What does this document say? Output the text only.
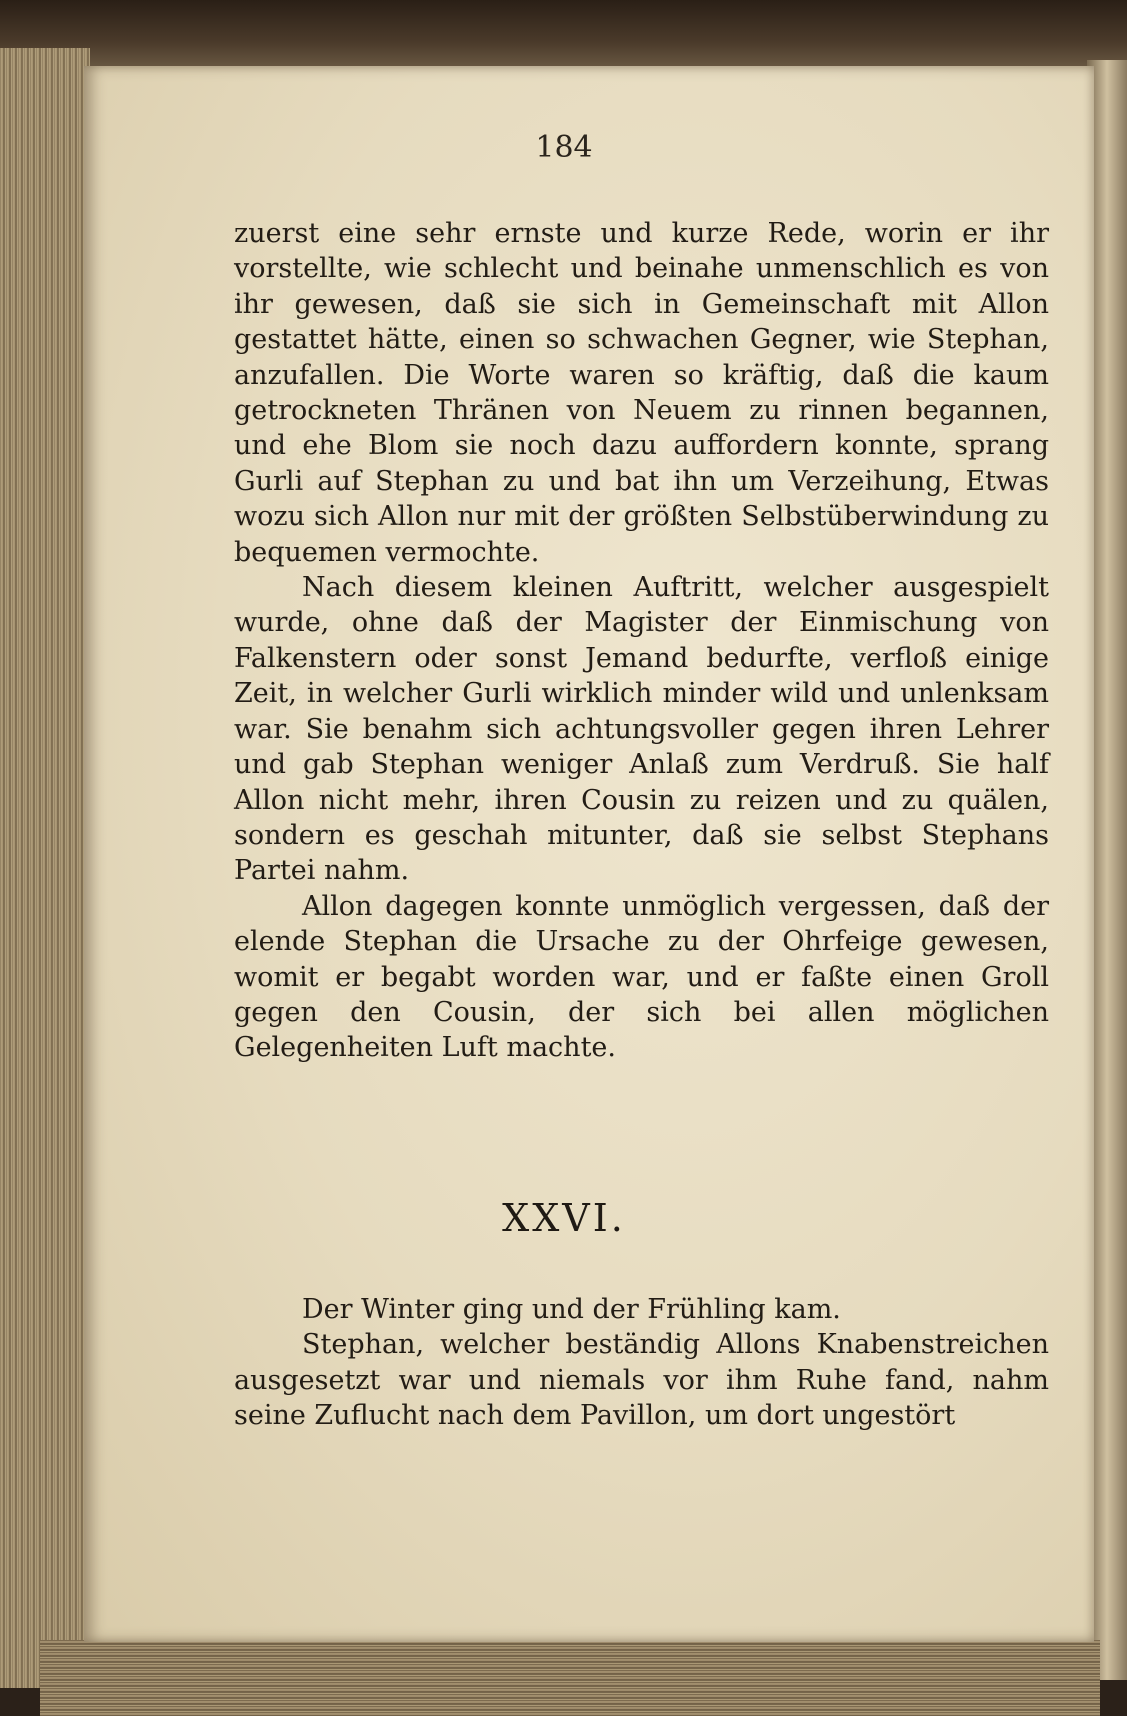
184

zuerst eine sehr ernste und kurze Rede, worin er ihr vorstellte, wie schlecht und beinahe unmenschlich es von ihr gewesen, daß sie sich in Gemeinschaft mit Allon gestattet hätte, einen so schwachen Gegner, wie Stephan, anzufallen. Die Worte waren so kräftig, daß die kaum getrockneten Thränen von Neuem zu rinnen begannen, und ehe Blom sie noch dazu auffordern konnte, sprang Gurli auf Stephan zu und bat ihn um Verzeihung, Etwas wozu sich Allon nur mit der größten Selbstüberwindung zu bequemen vermochte.

Nach diesem kleinen Auftritt, welcher ausgespielt wurde, ohne daß der Magister der Einmischung von Falkenstern oder sonst Jemand bedurfte, verfloß einige Zeit, in welcher Gurli wirklich minder wild und unlenksam war. Sie benahm sich achtungsvoller gegen ihren Lehrer und gab Stephan weniger Anlaß zum Verdruß. Sie half Allon nicht mehr, ihren Cousin zu reizen und zu quälen, sondern es geschah mitunter, daß sie selbst Stephans Partei nahm.

Allon dagegen konnte unmöglich vergessen, daß der elende Stephan die Ursache zu der Ohrfeige gewesen, womit er begabt worden war, und er faßte einen Groll gegen den Cousin, der sich bei allen möglichen Gelegenheiten Luft machte.

XXVI.

Der Winter ging und der Frühling kam.

Stephan, welcher beständig Allons Knabenstreichen ausgesetzt war und niemals vor ihm Ruhe fand, nahm seine Zuflucht nach dem Pavillon, um dort ungestört
